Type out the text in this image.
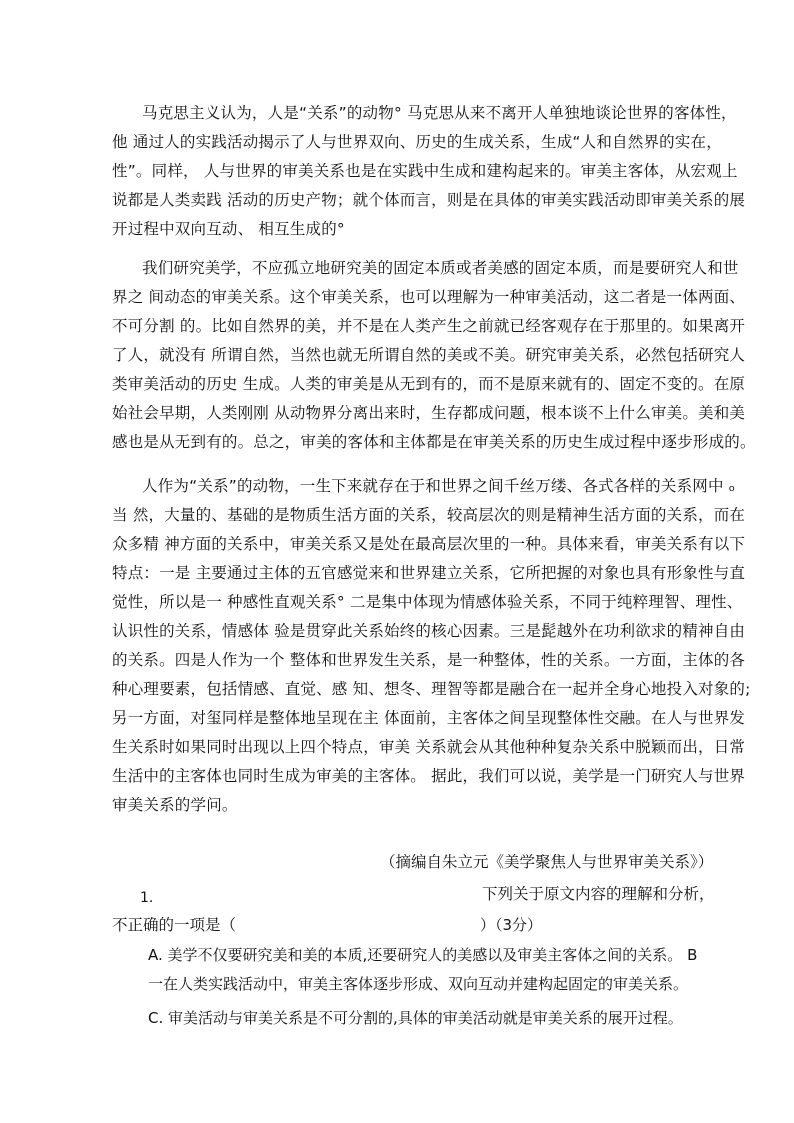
马克思主义认为，人是“关系”的动物° 马克思从来不离开人单独地谈论世界的客体性，
他 通过人的实践活动揭示了人与世界双向、历史的生成关系，生成“人和自然界的实在，
性”。同样， 人与世界的审美关系也是在实践中生成和建构起来的。审美主客体，从宏观上
说都是人类卖践 活动的历史产物；就个体而言，则是在具体的审美实践活动即审美关系的展
开过程中双向互动、 相互生成的°

我们研究美学，不应孤立地研究美的固定本质或者美感的固定本质，而是要研究人和世
界之 间动态的审美关系。这个审美关系，也可以理解为一种审美活动，这二者是一体两面、
不可分割 的。比如自然界的美，并不是在人类产生之前就已经客观存在于那里的。如果离开
了人，就没有 所谓自然，当然也就无所谓自然的美或不美。研究审美关系，必然包括研究人
类审美活动的历史 生成。人类的审美是从无到有的，而不是原来就有的、固定不变的。在原
始社会早期，人类刚刚 从动物界分离出来时，生存都成问题，根本谈不上什么审美。美和美
感也是从无到有的。总之，审美的客体和主体都是在审美关系的历史生成过程中逐步形成的。

人作为“关系”的动物，一生下来就存在于和世界之间千丝万缕、各式各样的关系网中 ₒ
当 然，大量的、基础的是物质生活方面的关系，较高层次的则是精神生活方面的关系，而在
众多精 神方面的关系中，审美关系又是处在最高层次里的一种。具体来看，审美关系有以下
特点：一是 主要通过主体的五官感觉来和世界建立关系，它所把握的对象也具有形象性与直
觉性，所以是一 种感性直观关系° 二是集中体现为情感体验关系，不同于纯粹理智、理性、
认识性的关系，情感体 验是贯穿此关系始终的核心因素。三是髭越外在功利欲求的精神自由
的关系。四是人作为一个 整体和世界发生关系，是一种整体，性的关系。一方面，主体的各
种心理要素，包括情感、直觉、感 知、想冬、理智等都是融合在一起并全身心地投入对象的;
另一方面，对玺同样是整体地呈现在主 体面前，主客体之间呈现整体性交融。在人与世界发
生关系时如果同时出现以上四个特点，审美 关系就会从其他种种复杂关系中脱颖而出，日常
生活中的主客体也同时生成为审美的主客体。 据此，我们可以说，美学是一门研究人与世界
审美关系的学问。

（摘编自朱立元《美学聚焦人与世界审美关系》）
1.	下列关于原文内容的理解和分析，
不正确的一项是（	）（3分）
A. 美学不仅要研究美和美的本质,还要研究人的美感以及审美主客体之间的关系。 B
一在人类实践活动中，审美主客体逐步形成、双向互动并建构起固定的审美关系。
C. 审美活动与审美关系是不可分割的,具体的审美活动就是审美关系的展开过程。
